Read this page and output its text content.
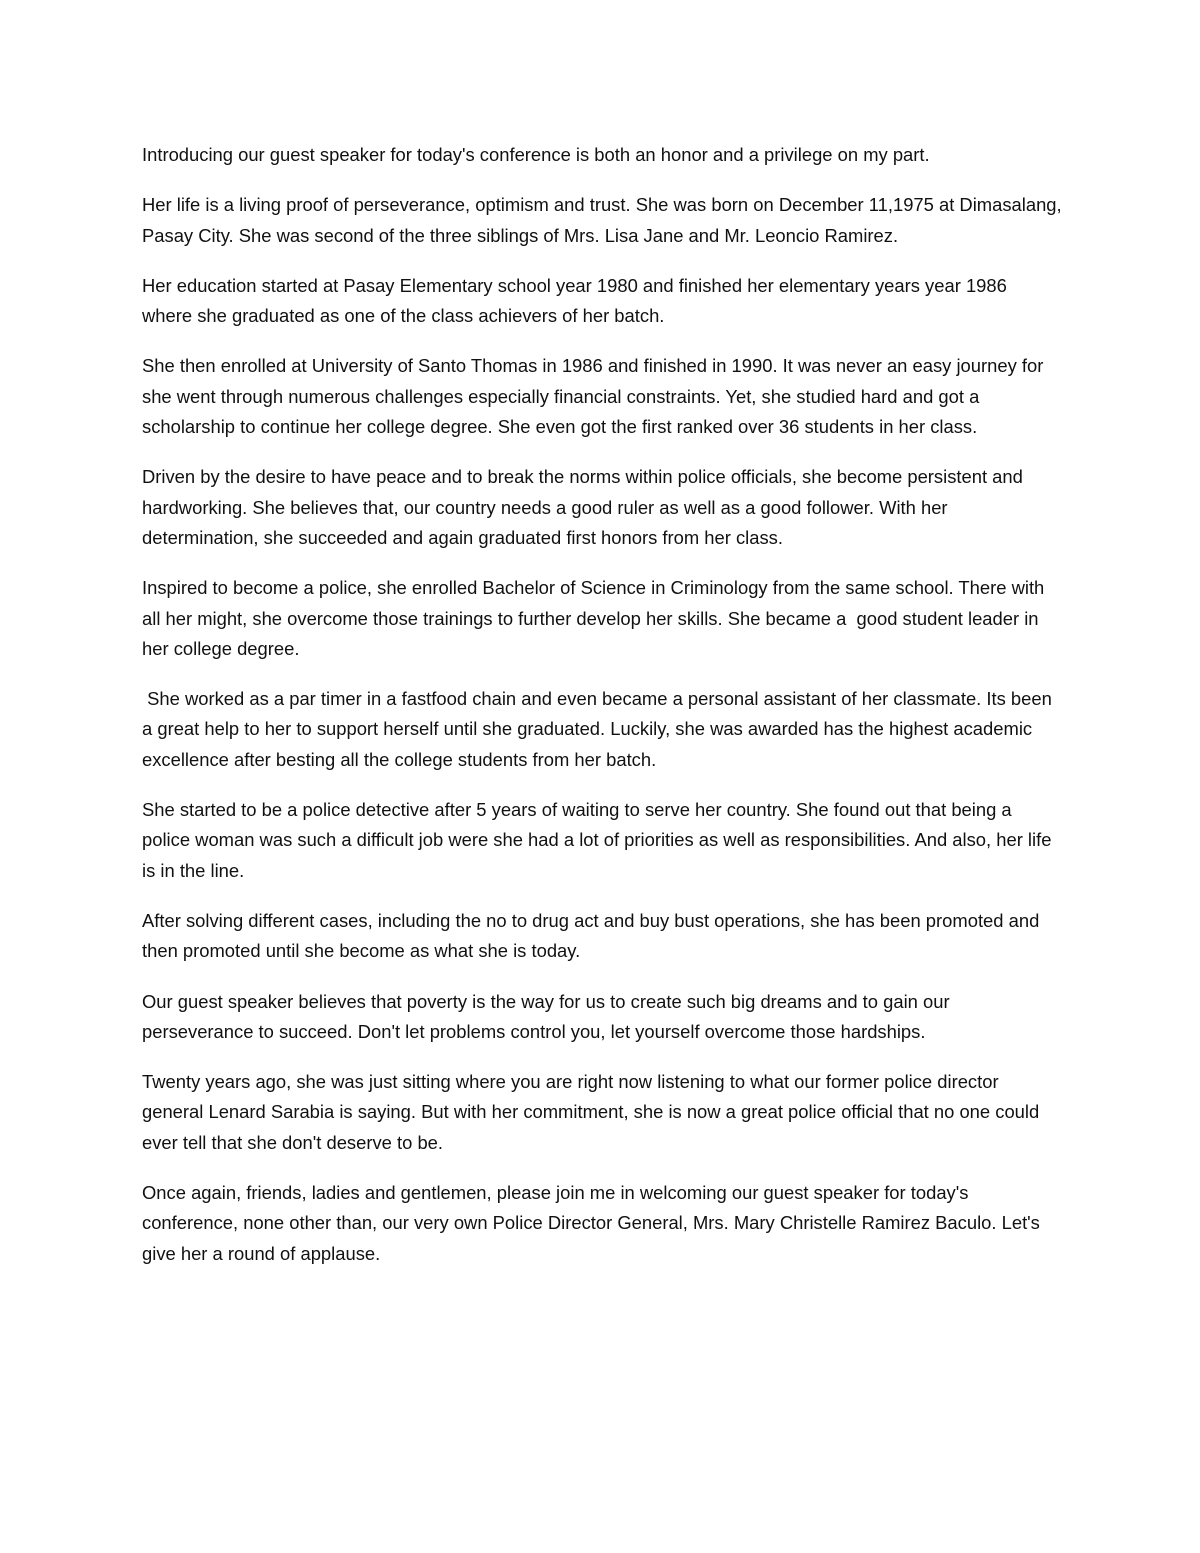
Introducing our guest speaker for today's conference is both an honor and a privilege on my part.

Her life is a living proof of perseverance, optimism and trust. She was born on December 11,1975 at Dimasalang, Pasay City. She was second of the three siblings of Mrs. Lisa Jane and Mr. Leoncio Ramirez.

Her education started at Pasay Elementary school year 1980 and finished her elementary years year 1986 where she graduated as one of the class achievers of her batch.

She then enrolled at University of Santo Thomas in 1986 and finished in 1990. It was never an easy journey for she went through numerous challenges especially financial constraints. Yet, she studied hard and got a scholarship to continue her college degree. She even got the first ranked over 36 students in her class.

Driven by the desire to have peace and to break the norms within police officials, she become persistent and hardworking. She believes that, our country needs a good ruler as well as a good follower. With her determination, she succeeded and again graduated first honors from her class.

Inspired to become a police, she enrolled Bachelor of Science in Criminology from the same school. There with all her might, she overcome those trainings to further develop her skills. She became a  good student leader in her college degree.

She worked as a par timer in a fastfood chain and even became a personal assistant of her classmate. Its been a great help to her to support herself until she graduated. Luckily, she was awarded has the highest academic excellence after besting all the college students from her batch.

She started to be a police detective after 5 years of waiting to serve her country. She found out that being a police woman was such a difficult job were she had a lot of priorities as well as responsibilities. And also, her life is in the line.

After solving different cases, including the no to drug act and buy bust operations, she has been promoted and then promoted until she become as what she is today.

Our guest speaker believes that poverty is the way for us to create such big dreams and to gain our perseverance to succeed. Don't let problems control you, let yourself overcome those hardships.

Twenty years ago, she was just sitting where you are right now listening to what our former police director general Lenard Sarabia is saying. But with her commitment, she is now a great police official that no one could ever tell that she don't deserve to be.

Once again, friends, ladies and gentlemen, please join me in welcoming our guest speaker for today's conference, none other than, our very own Police Director General, Mrs. Mary Christelle Ramirez Baculo. Let's give her a round of applause.
